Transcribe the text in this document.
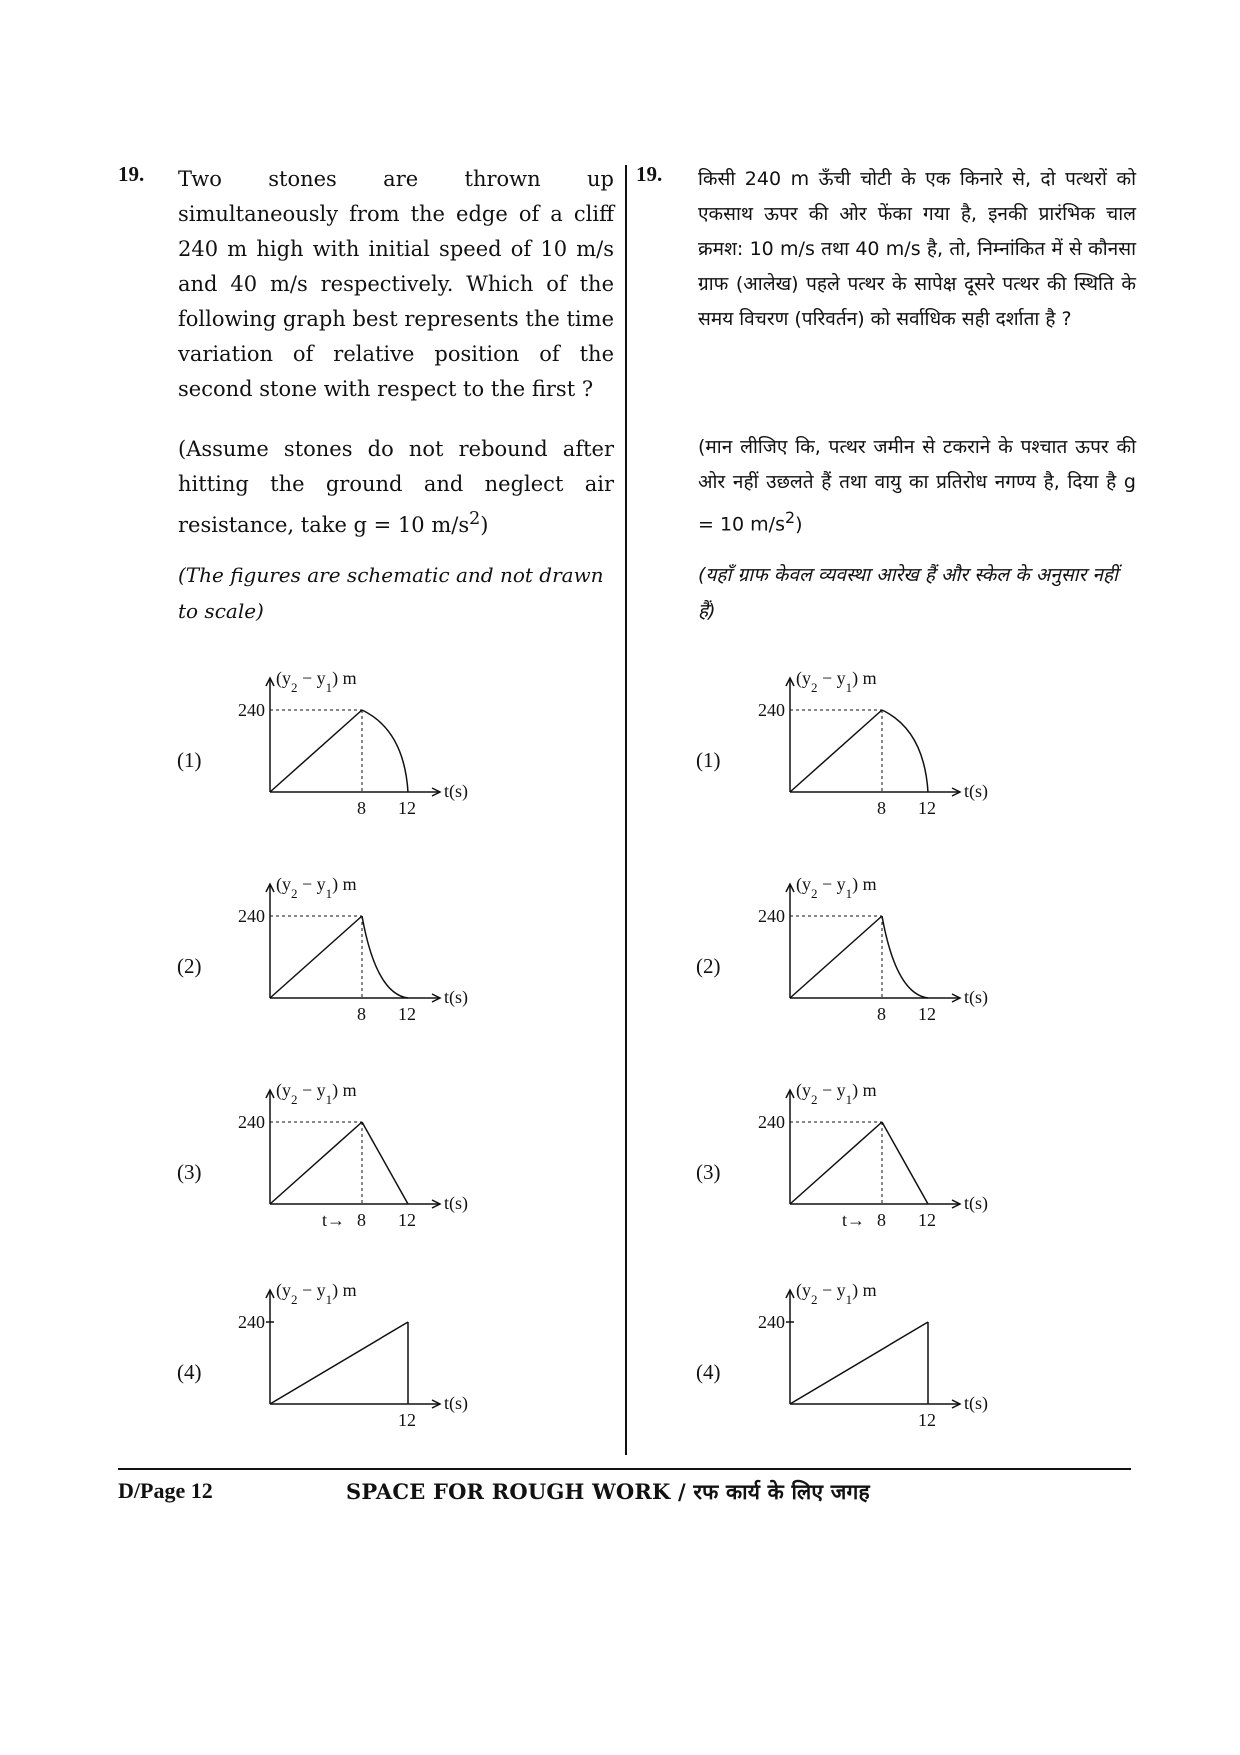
19. Two stones are thrown up simultaneously from the edge of a cliff 240 m high with initial speed of 10 m/s and 40 m/s respectively. Which of the following graph best represents the time variation of relative position of the second stone with respect to the first ?

(Assume stones do not rebound after hitting the ground and neglect air resistance, take g = 10 $m/s^2$)

(The figures are schematic and not drawn to scale)

19. किसी 240 m ऊँची चोटी के एक किनारे से, दो पत्थरों को एकसाथ ऊपर की ओर फेंका गया है, इनकी प्रारंभिक चाल क्रमश: 10 m/s तथा 40 m/s है, तो, निम्नांकित में से कौनसा ग्राफ (आलेख) पहले पत्थर के सापेक्ष दूसरे पत्थर की स्थिति के समय विचरण (परिवर्तन) को सर्वाधिक सही दर्शाता है ?

(मान लीजिए कि, पत्थर जमीन से टकराने के पश्चात ऊपर की ओर नहीं उछलते हैं तथा वायु का प्रतिरोध नगण्य है, दिया है g = 10 $m/s^2$)

(यहाँ ग्राफ केवल व्यवस्था आरेख हैं और स्केल के अनुसार नहीं हैं)

(1)
(2)
(3)
(4)
(1)
(2)
(3)
(4)
$(y_2 - y_1)$ m
t(s)
240
8 12
$(y_2 - y_1)$ m
t(s)
240
8 12
$(y_2 - y_1)$ m
t(s)
240
8 12
t→
$(y_2 - y_1)$ m
t(s)
240
12
$(y_2 - y_1)$ m
t(s)
240
8 12
$(y_2 - y_1)$ m
t(s)
240
8 12
$(y_2 - y_1)$ m
t(s)
240
8 12
t→
$(y_2 - y_1)$ m
t(s)
240
12
D/Page 12	SPACE FOR ROUGH WORK / रफ कार्य के लिए जगह
